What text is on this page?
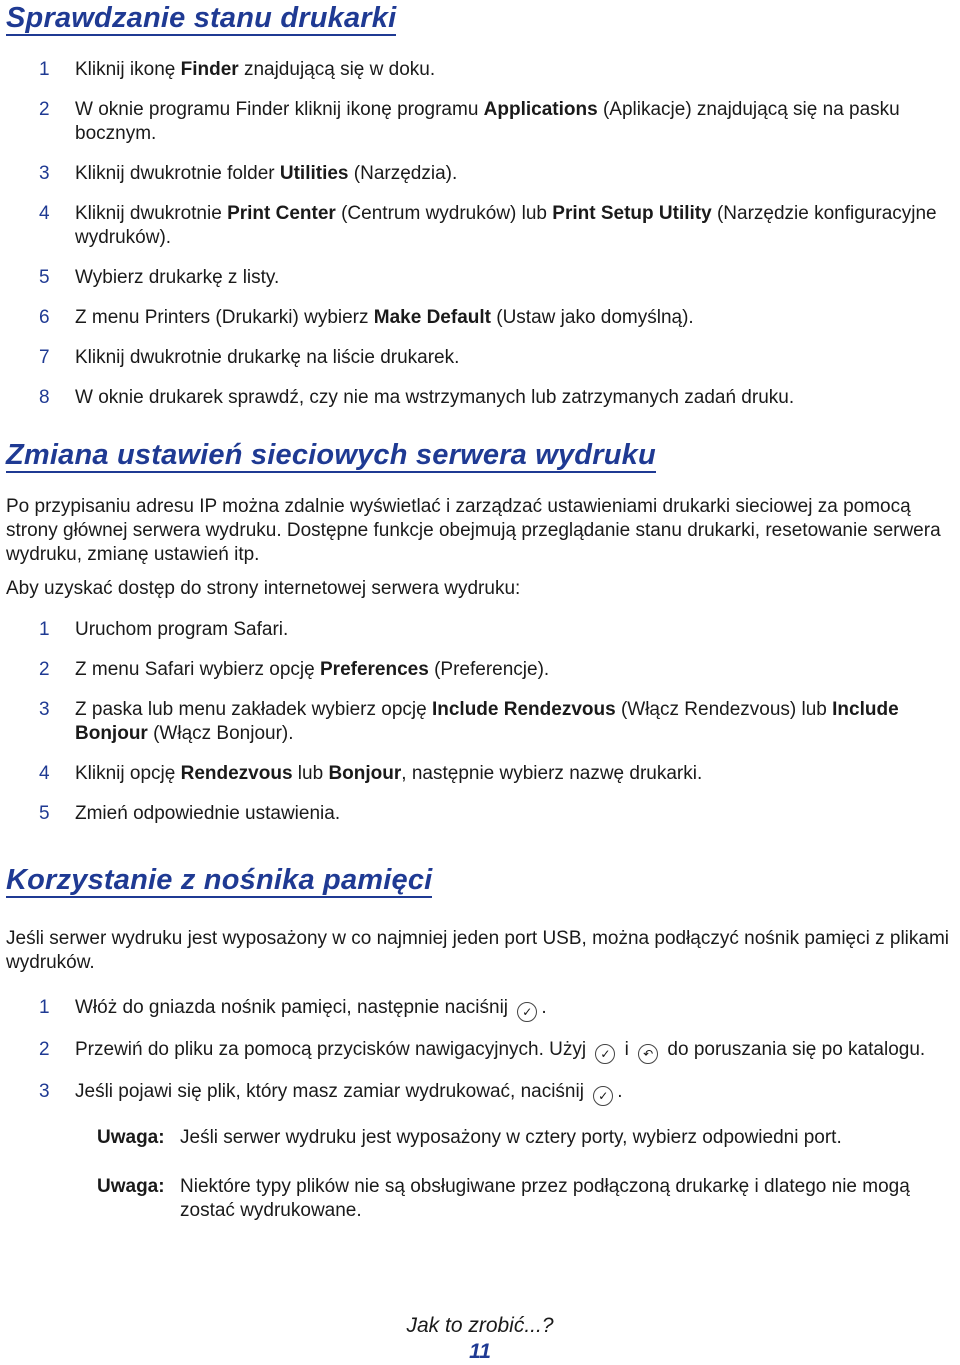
Sprawdzanie stanu drukarki
1 Kliknij ikonę Finder znajdującą się w doku.
2 W oknie programu Finder kliknij ikonę programu Applications (Aplikacje) znajdującą się na pasku bocznym.
3 Kliknij dwukrotnie folder Utilities (Narzędzia).
4 Kliknij dwukrotnie Print Center (Centrum wydruków) lub Print Setup Utility (Narzędzie konfiguracyjne wydruków).
5 Wybierz drukarkę z listy.
6 Z menu Printers (Drukarki) wybierz Make Default (Ustaw jako domyślną).
7 Kliknij dwukrotnie drukarkę na liście drukarek.
8 W oknie drukarek sprawdź, czy nie ma wstrzymanych lub zatrzymanych zadań druku.
Zmiana ustawień sieciowych serwera wydruku

Po przypisaniu adresu IP można zdalnie wyświetlać i zarządzać ustawieniami drukarki sieciowej za pomocą strony głównej serwera wydruku. Dostępne funkcje obejmują przeglądanie stanu drukarki, resetowanie serwera wydruku, zmianę ustawień itp.

Aby uzyskać dostęp do strony internetowej serwera wydruku:

1 Uruchom program Safari.
2 Z menu Safari wybierz opcję Preferences (Preferencje).
3 Z paska lub menu zakładek wybierz opcję Include Rendezvous (Włącz Rendezvous) lub Include Bonjour (Włącz Bonjour).
4 Kliknij opcję Rendezvous lub Bonjour, następnie wybierz nazwę drukarki.
5 Zmień odpowiednie ustawienia.
Korzystanie z nośnika pamięci

Jeśli serwer wydruku jest wyposażony w co najmniej jeden port USB, można podłączyć nośnik pamięci z plikami wydruków.

1 Włóż do gniazda nośnik pamięci, następnie naciśnij ✓ .
2 Przewiń do pliku za pomocą przycisków nawigacyjnych. Użyj ✓ i ↶ do poruszania się po katalogu.
3 Jeśli pojawi się plik, który masz zamiar wydrukować, naciśnij ✓ .
Uwaga: Jeśli serwer wydruku jest wyposażony w cztery porty, wybierz odpowiedni port.
Uwaga: Niektóre typy plików nie są obsługiwane przez podłączoną drukarkę i dlatego nie mogą zostać wydrukowane.
Jak to zrobić...?
11
